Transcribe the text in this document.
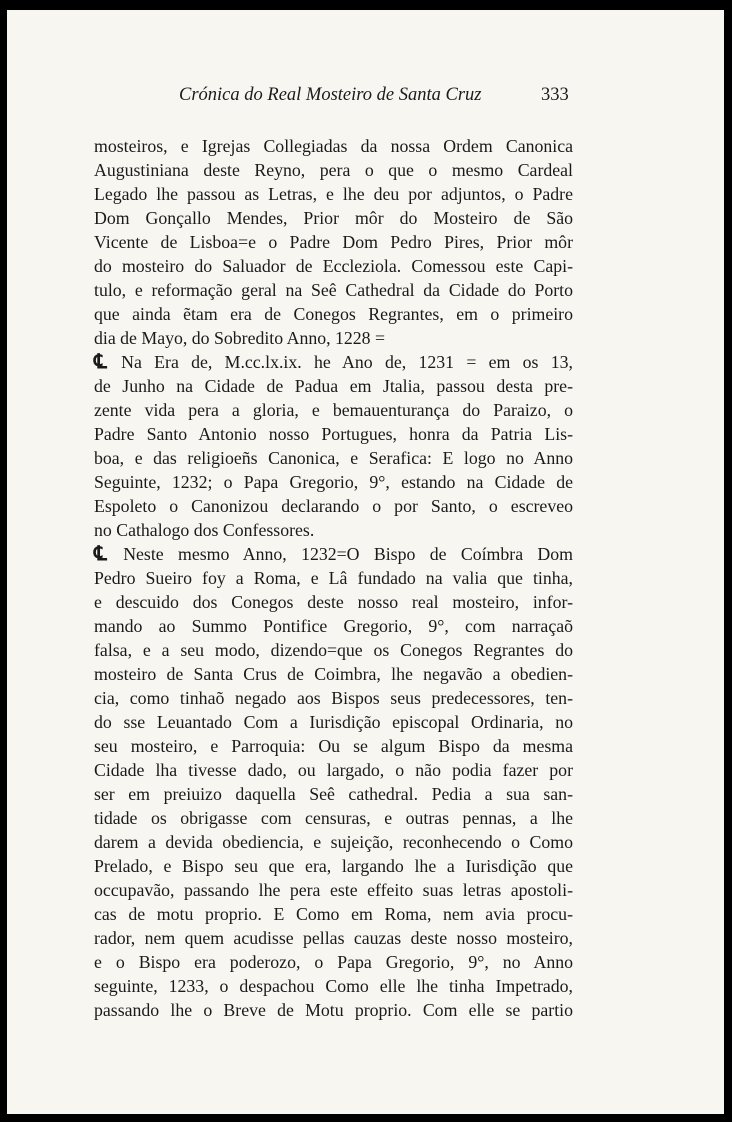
Crónica do Real Mosteiro de Santa Cruz	333
mosteiros, e Igrejas Collegiadas da nossa Ordem Canonica
Augustiniana deste Reyno, pera o que o mesmo Cardeal
Legado lhe passou as Letras, e lhe deu por adjuntos, o Padre
Dom Gonçallo Mendes, Prior môr do Mosteiro de São
Vicente de Lisboa=e o Padre Dom Pedro Pires, Prior môr
do mosteiro do Saluador de Eccleziola. Comessou este Capi-
tulo, e reformação geral na Seê Cathedral da Cidade do Porto
que ainda ẽtam era de Conegos Regrantes, em o primeiro
dia de Mayo, do Sobredito Anno, 1228 =
℄ Na Era de, M.cc.lx.ix. he Ano de, 1231 = em os 13,
de Junho na Cidade de Padua em Jtalia, passou desta pre-
zente vida pera a gloria, e bemauenturança do Paraizo, o
Padre Santo Antonio nosso Portugues, honra da Patria Lis-
boa, e das religioeñs Canonica, e Serafica: E logo no Anno
Seguinte, 1232; o Papa Gregorio, 9°, estando na Cidade de
Espoleto o Canonizou declarando o por Santo, o escreveo
no Cathalogo dos Confessores.
℄ Neste mesmo Anno, 1232=O Bispo de Coímbra Dom
Pedro Sueiro foy a Roma, e Lâ fundado na valia que tinha,
e descuido dos Conegos deste nosso real mosteiro, infor-
mando ao Summo Pontifice Gregorio, 9°, com narraçaõ
falsa, e a seu modo, dizendo=que os Conegos Regrantes do
mosteiro de Santa Crus de Coimbra, lhe negavão a obedien-
cia, como tinhaõ negado aos Bispos seus predecessores, ten-
do sse Leuantado Com a Iurisdição episcopal Ordinaria, no
seu mosteiro, e Parroquia: Ou se algum Bispo da mesma
Cidade lha tivesse dado, ou largado, o não podia fazer por
ser em preiuizo daquella Seê cathedral. Pedia a sua san-
tidade os obrigasse com censuras, e outras pennas, a lhe
darem a devida obediencia, e sujeição, reconhecendo o Como
Prelado, e Bispo seu que era, largando lhe a Iurisdição que
occupavão, passando lhe pera este effeito suas letras apostoli-
cas de motu proprio. E Como em Roma, nem avia procu-
rador, nem quem acudisse pellas cauzas deste nosso mosteiro,
e o Bispo era poderozo, o Papa Gregorio, 9°, no Anno
seguinte, 1233, o despachou Como elle lhe tinha Impetrado,
passando lhe o Breve de Motu proprio. Com elle se partio
